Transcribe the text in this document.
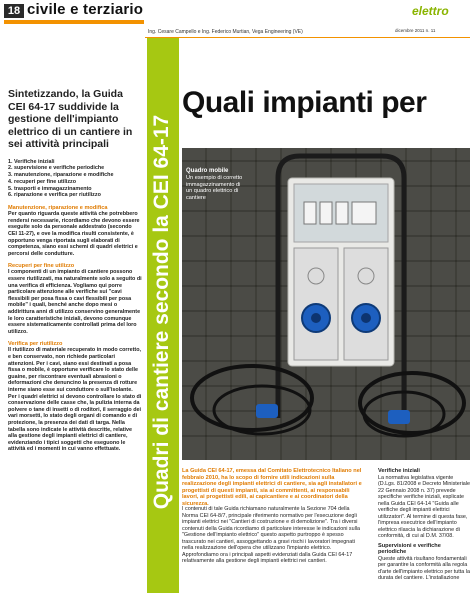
18 civile e terziario
Ing. Cesare Campello e Ing. Federico Murtian, Vega Engineering (VE)
elettro
dicembre 2011 n. 11
Quadri di cantiere secondo la CEI 64-17
Sintetizzando, la Guida CEI 64-17 suddivide la gestione dell'impianto elettrico di un cantiere in sei attività principali
1. Verifiche iniziali
2. supervisione e verifiche periodiche
3. manutenzione, riparazione e modifiche
4. recuperi per fine utilizzo
5. trasporti e immagazzinamento
6. riparazione e verifica per riutilizzo
Manutenzione, riparazione e modifica
Per quanto riguarda queste attività che potrebbero rendersi necessarie, ricordiamo che devono essere eseguite solo da personale addestrato (secondo CEI 11-27), e ove la modifica risulti consistente, è opportuno venga riportata sugli elaborati di competenza, siano essi schemi di quadri elettrici e percorsi delle condutture.
Recuperi per fine utilizzo
I componenti di un impianto di cantiere possono essere riutilizzati, ma naturalmente solo a seguito di una verifica di efficienza. Vogliamo qui porre particolare attenzione alle verifiche sui "cavi flessibili per posa fissa o cavi flessibili per posa mobile" i quali, benché anche dopo mesi o addirittura anni di utilizzo conservino generalmente le loro caratteristiche iniziali, devono comunque essere sistematicamente controllati prima del loro utilizzo.
Verifica per riutilizzo
Il riutilizzo di materiale recuperato in modo corretto, e ben conservato, non richiede particolari attenzioni. Per i cavi, siano essi destinati a posa fissa o mobile, è opportune verificare lo stato delle guaine, per riscontrare eventuali abrasioni o deformazioni che denuncino la presenza di rotture interne siano esse sui conduttore o sull'isolante. Per i quadri elettrici si devono controllare lo stato di conservazione delle casse che, la pulizia interna da polvere o tane di insetti o di roditori, il serraggio dei vari morsetti, lo stato degli organi di comando e di protezione, la presenza dei dati di targa. Nella tabella sono indicate le attività descritte, relative alla gestione degli impianti elettrici di cantiere, evidenziando i tipici soggetti che eseguono le attività ed i momenti in cui vanno effettuate.
Quali impianti per
Quadro mobile
Un esempio di corretto immagazzinamento di un quadro elettrico di cantiere
La Guida CEI 64-17, emessa dal Comitato Elettrotecnico Italiano nel febbraio 2010, ha lo scopo di fornire utili indicazioni sulla realizzazione degli impianti elettrici di cantiere, sia agli installatori e progettisti di questi impianti, sia ai committenti, ai responsabili lavori, ai progettisti edili, ai capicantiere e ai coordinatori della sicurezza.
I contenuti di tale Guida richiamano naturalmente la Sezione 704 della Norma CEI 64-8/7, principale riferimento normativo per l'esecuzione degli impianti elettrici nei "Cantieri di costruzione e di demolizione". Tra i diversi contenuti della Guida ricordiamo di particolare interesse le indicazioni sulla "Gestione dell'impianto elettrico" questo aspetto purtroppo è spesso trascurato nei cantieri, assoggettando a gravi rischi i lavoratori impegnati nella realizzazione dell'opera che utilizzano l'impianto elettrico. Approfondiamo ora i principali aspetti evidenziati dalla Guida CEI 64-17 relativamente alla gestione degli impianti elettrici nei cantieri.
Verifiche iniziali
La normativa legislativa vigente (D.Lgs. 81/2008 e Decreto Ministeriale 22 Gennaio 2008 n. 37) prevede specifiche verifiche iniziali, esplicate nella Guida CEI 64-14 "Guida alle verifiche degli impianti elettrici utilizzatori". Al termine di questa fase, l'impresa esecutrice dell'impianto elettrico rilascia la dichiarazione di conformità, di cui al D.M. 37/08.
Supervisioni e verifiche periodiche
Queste attività risultano fondamentali per garantire la conformità alla regola d'arte dell'impianto elettrico per tutta la durata del cantiere. L'installazione
